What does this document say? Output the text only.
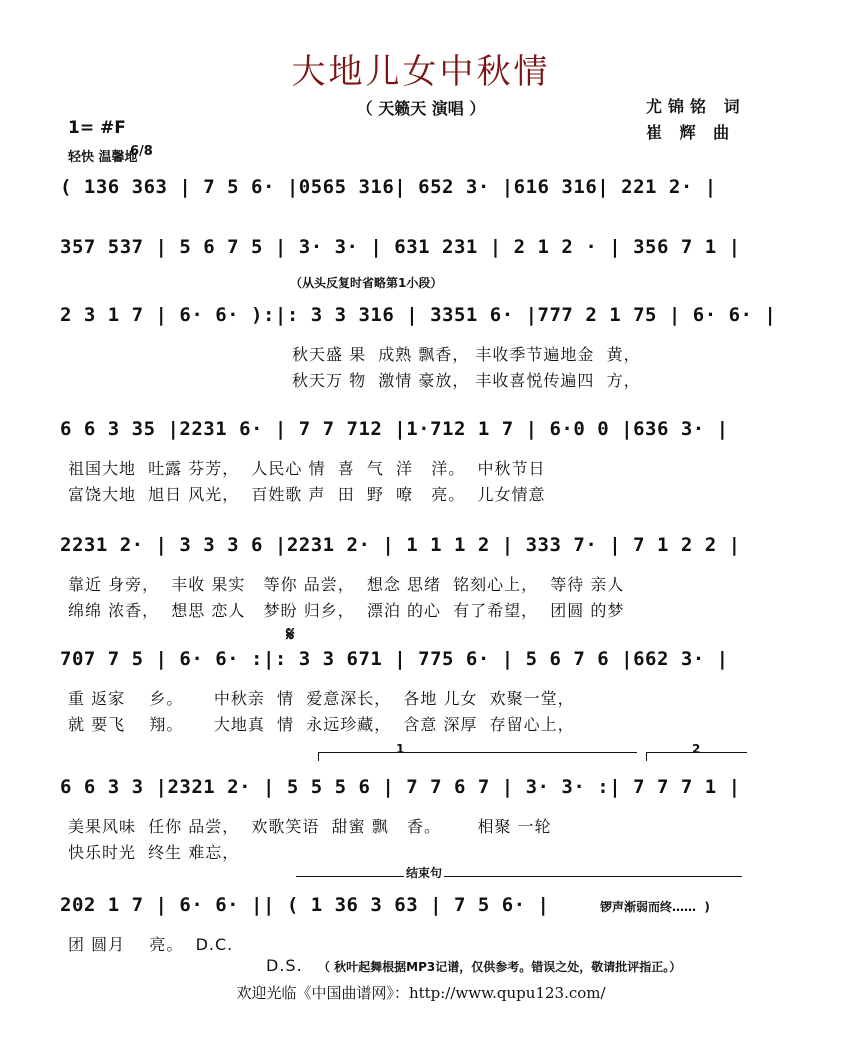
大地儿女中秋情
（ 天籁天 演唱 ）	尤锦铭 词
崔 辉 曲
1= #F

6/8

轻快 温馨地
( 136 363 | 7 5 6· |0565 316| 652 3· |616 316| 221 2· |
357 537 | 5 6 7 5 | 3· 3· | 631 231 | 2 1 2 · | 356 7 1 |
（从头反复时省略第1小段）
2 3 1 7 | 6· 6· ):|: 3 3 316 | 3351 6· |777 2 1 75 | 6· 6· |
秋天盛 果  成熟 飘香， 丰收季节遍地金  黄，
秋天万 物  激情 豪放， 丰收喜悦传遍四  方，
6 6 3 35 |2231 6· | 7 7 712 |1·712 1 7 | 6·0 0 |636 3· |
祖国大地  吐露 芬芳，  人民心 情  喜  气  洋   洋。  中秋节日
富饶大地  旭日 风光，  百姓歌 声  田  野  嘹   亮。  儿女情意
2231 2· | 3 3 3 6 |2231 2· | 1 1 1 2 | 333 7· | 7 1 2 2 |
靠近 身旁，  丰收 果实   等你 品尝，  想念 思绪  铭刻心上，  等待 亲人
绵绵 浓香，  想思 恋人   梦盼 归乡，  漂泊 的心  有了希望，  团圆 的梦
𝄋
707 7 5 | 6· 6· :|: 3 3 671 | 775 6· | 5 6 7 6 |662 3· |
重 返家    乡。     中秋亲  情  爱意深长，  各地 儿女  欢聚一堂，
就 要飞    翔。     大地真  情  永远珍藏，  含意 深厚  存留心上，
1	2
6 6 3 3 |2321 2· | 5 5 5 6 | 7 7 6 7 | 3· 3· :| 7 7 7 1 |
美果风味  任你 品尝，  欢歌笑语  甜蜜 飘   香。      相聚 一轮
快乐时光  终生 难忘，
结束句
202 1 7 | 6· 6· || ( 1 36 3 63 | 7 5 6· |	锣声渐弱而终……  )
团 圆月    亮。  D.C.
D.S. （ 秋叶起舞根据MP3记谱，仅供参考。错误之处，敬请批评指正。）
欢迎光临《中国曲谱网》：http://www.qupu123.com/
